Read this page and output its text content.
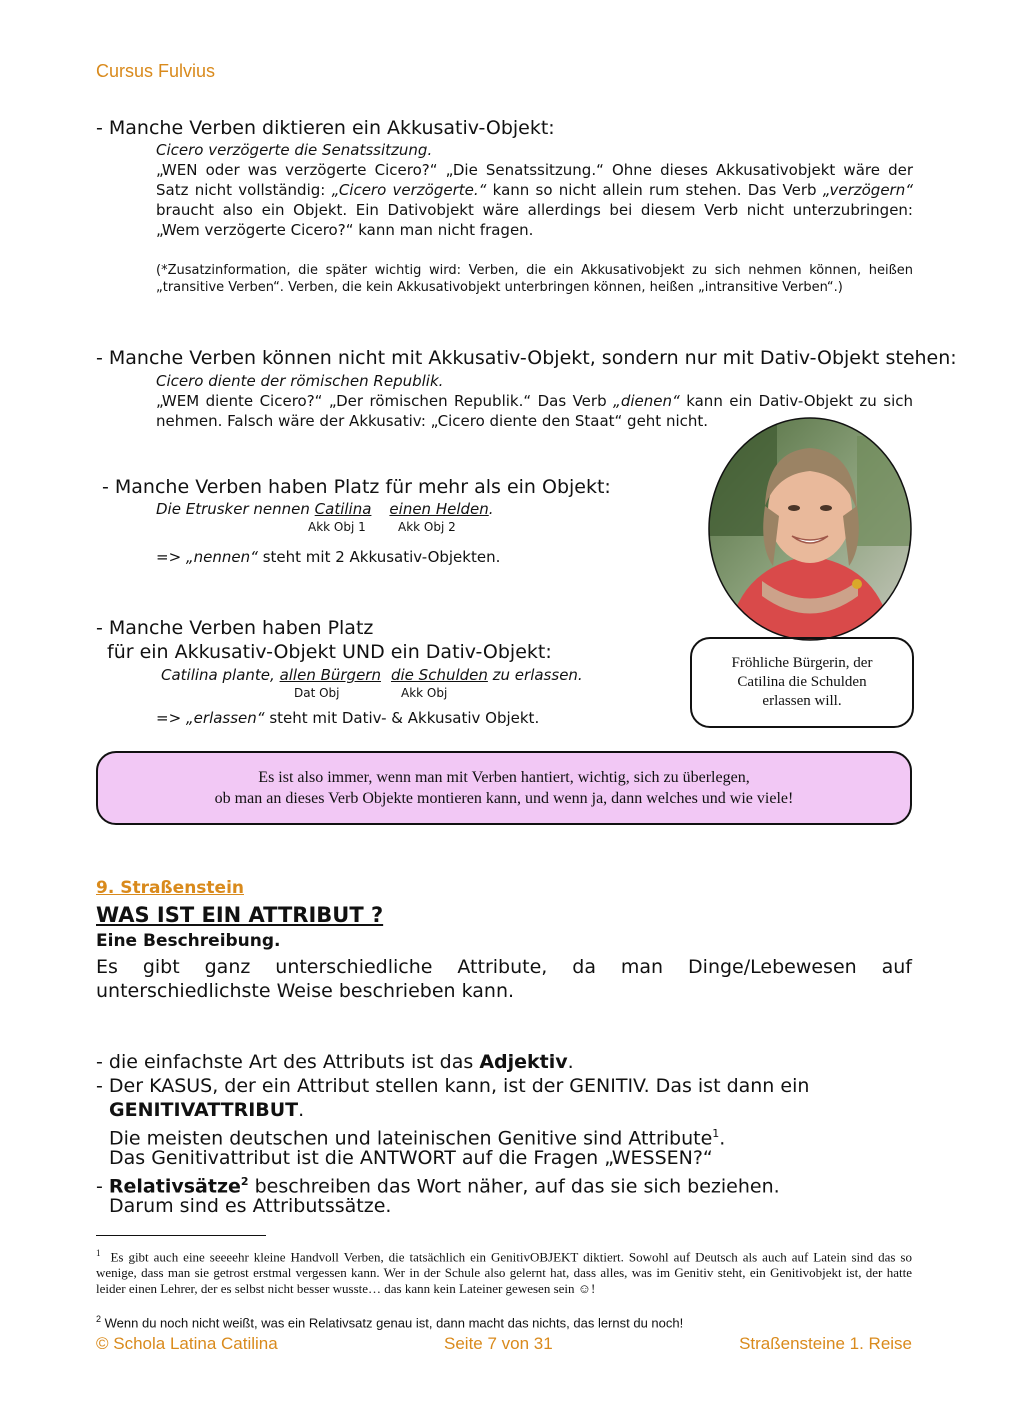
Cursus Fulvius
- Manche Verben diktieren ein Akkusativ-Objekt:
Cicero verzögerte die Senatssitzung.
„WEN oder was verzögerte Cicero?“ „Die Senatssitzung.“ Ohne dieses Akkusativobjekt wäre der Satz nicht vollständig: „Cicero verzögerte.“ kann so nicht allein rum stehen. Das Verb „verzögern“ braucht also ein Objekt. Ein Dativobjekt wäre allerdings bei diesem Verb nicht unterzubringen: „Wem verzögerte Cicero?“ kann man nicht fragen.
(*Zusatzinformation, die später wichtig wird: Verben, die ein Akkusativobjekt zu sich nehmen können, heißen „transitive Verben“. Verben, die kein Akkusativobjekt unterbringen können, heißen „intransitive Verben“.)
- Manche Verben können nicht mit Akkusativ-Objekt, sondern nur mit Dativ-Objekt stehen:
Cicero diente der römischen Republik.
„WEM diente Cicero?“ „Der römischen Republik.“ Das Verb „dienen“ kann ein Dativ-Objekt zu sich nehmen. Falsch wäre der Akkusativ: „Cicero diente den Staat“ geht nicht.
- Manche Verben haben Platz für mehr als ein Objekt:
Die Etrusker nennen Catilina einen Helden.
Akk Obj 1	Akk Obj 2
=> „nennen“ steht mit 2 Akkusativ-Objekten.
- Manche Verben haben Platz
für ein Akkusativ-Objekt UND ein Dativ-Objekt:
Catilina plante, allen Bürgern die Schulden zu erlassen.
Dat Obj	Akk Obj
=> „erlassen“ steht mit Dativ- & Akkusativ Objekt.
Fröhliche Bürgerin, der Catilina die Schulden erlassen will.
Es ist also immer, wenn man mit Verben hantiert, wichtig, sich zu überlegen,
ob man an dieses Verb Objekte montieren kann, und wenn ja, dann welches und wie viele!
9. Straßenstein
WAS IST EIN ATTRIBUT ?
Eine Beschreibung.
Es gibt ganz unterschiedliche Attribute, da man Dinge/Lebewesen auf unterschiedlichste Weise beschrieben kann.
- die einfachste Art des Attributs ist das Adjektiv.
- Der KASUS, der ein Attribut stellen kann, ist der GENITIV. Das ist dann ein
GENITIVATTRIBUT.
Die meisten deutschen und lateinischen Genitive sind Attribute$^1$.
Das Genitivattribut ist die ANTWORT auf die Fragen „WESSEN?“
- Relativsätze$^2$ beschreiben das Wort näher, auf das sie sich beziehen.
Darum sind es Attributssätze.
$^1$ Es gibt auch eine seeeehr kleine Handvoll Verben, die tatsächlich ein GenitivOBJEKT diktiert. Sowohl auf Deutsch als auch auf Latein sind das so wenige, dass man sie getrost erstmal vergessen kann. Wer in der Schule also gelernt hat, dass alles, was im Genitiv steht, ein Genitivobjekt ist, der hatte leider einen Lehrer, der es selbst nicht besser wusste… das kann kein Lateiner gewesen sein ☺!
$^2$ Wenn du noch nicht weißt, was ein Relativsatz genau ist, dann macht das nichts, das lernst du noch!
© Schola Latina Catilina	Seite 7 von 31	Straßensteine 1. Reise
